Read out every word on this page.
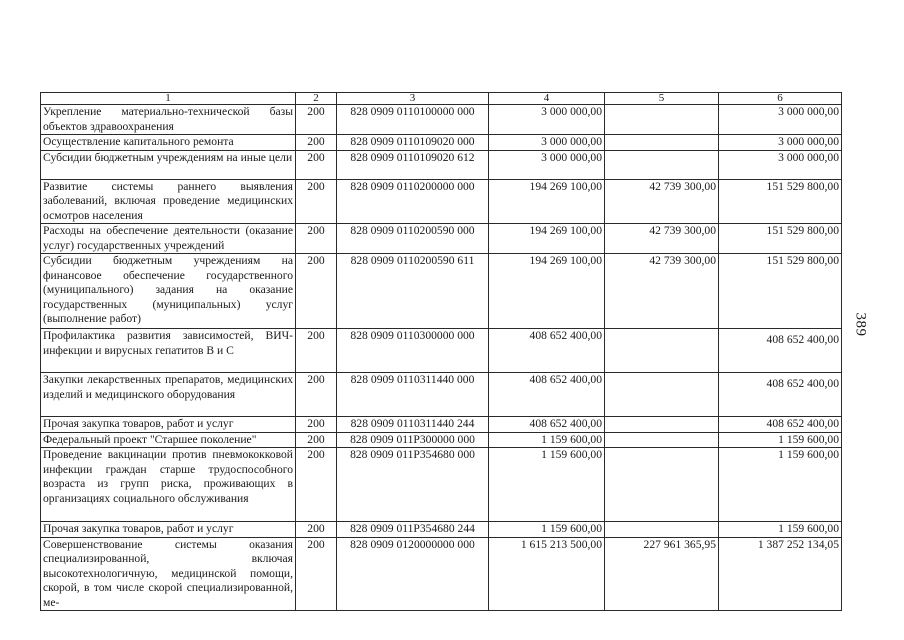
1	2	3	4	5	6
Укрепление материально-технической базы объектов здравоохранения	200	828 0909 0110100000 000	3 000 000,00		3 000 000,00

Осуществление капитального ремонта	200	828 0909 0110109020 000	3 000 000,00		3 000 000,00

Субсидии бюджетным учреждениям на иные цели	200	828 0909 0110109020 612	3 000 000,00		3 000 000,00

Развитие системы раннего выявления заболеваний, включая проведение медицинских осмотров населения	200	828 0909 0110200000 000	194 269 100,00	42 739 300,00	151 529 800,00

Расходы на обеспечение деятельности (оказание услуг) государственных учреждений	200	828 0909 0110200590 000	194 269 100,00	42 739 300,00	151 529 800,00

Субсидии бюджетным учреждениям на финансовое обеспечение государственного (муниципального) задания на оказание государственных (муниципальных) услуг (выполнение работ)	200	828 0909 0110200590 611	194 269 100,00	42 739 300,00	151 529 800,00

Профилактика развития зависимостей, ВИЧ-инфекции и вирусных гепатитов В и С	200	828 0909 0110300000 000	408 652 400,00		408 652 400,00

Закупки лекарственных препаратов, медицинских изделий и медицинского оборудования	200	828 0909 0110311440 000	408 652 400,00		408 652 400,00

Прочая закупка товаров, работ и услуг	200	828 0909 0110311440 244	408 652 400,00		408 652 400,00

Федеральный проект "Старшее поколение"	200	828 0909 011P300000 000	1 159 600,00		1 159 600,00

Проведение вакцинации против пневмококковой инфекции граждан старше трудоспособного возраста из групп риска, проживающих в организациях социального обслуживания	200	828 0909 011P354680 000	1 159 600,00		1 159 600,00

Прочая закупка товаров, работ и услуг	200	828 0909 011P354680 244	1 159 600,00		1 159 600,00

Совершенствование системы оказания специализированной, включая высокотехнологичную, медицинской помощи, скорой, в том числе скорой специализированной, ме-	200	828 0909 0120000000 000	1 615 213 500,00	227 961 365,95	1 387 252 134,05
389
